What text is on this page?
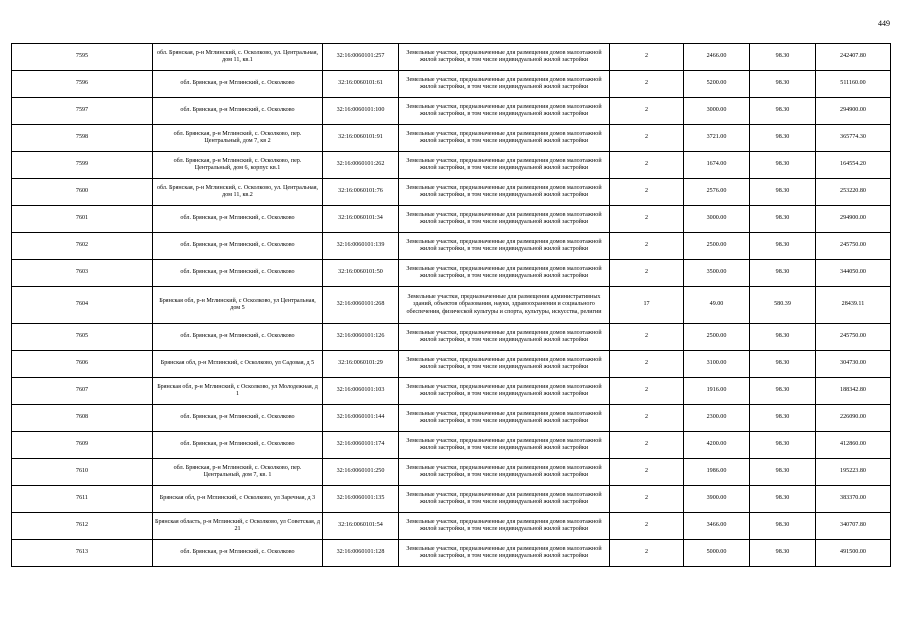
449
7595	обл. Брянская, р-н Мглинский, с. Осколково, ул. Центральная, дом 11, кв.1	32:16:0060101:257	Земельные участки, предназначенные для размещения домов малоэтажной жилой застройки, в том числе индивидуальной жилой застройки	2	2466.00	98.30	242407.80
7596	обл. Брянская, р-н Мглинский, с. Осколково	32:16:0060101:61	Земельные участки, предназначенные для размещения домов малоэтажной жилой застройки, в том числе индивидуальной жилой застройки	2	5200.00	98.30	511160.00
7597	обл. Брянская, р-н Мглинский, с. Осколково	32:16:0060101:100	Земельные участки, предназначенные для размещения домов малоэтажной жилой застройки, в том числе индивидуальной жилой застройки	2	3000.00	98.30	294900.00
7598	обл. Брянская, р-н Мглинский, с. Осколково, пер. Центральный, дом 7, кв 2	32:16:0060101:91	Земельные участки, предназначенные для размещения домов малоэтажной жилой застройки, в том числе индивидуальной жилой застройки	2	3721.00	98.30	365774.30
7599	обл. Брянская, р-н Мглинский, с. Осколково, пер. Центральный, дом 6, корпус кв.1	32:16:0060101:262	Земельные участки, предназначенные для размещения домов малоэтажной жилой застройки, в том числе индивидуальной жилой застройки	2	1674.00	98.30	164554.20
7600	обл. Брянская, р-н Мглинский, с. Осколково, ул. Центральная, дом 11, кв.2	32:16:0060101:76	Земельные участки, предназначенные для размещения домов малоэтажной жилой застройки, в том числе индивидуальной жилой застройки	2	2576.00	98.30	253220.80
7601	обл. Брянская, р-н Мглинский, с. Осколково	32:16:0060101:34	Земельные участки, предназначенные для размещения домов малоэтажной жилой застройки, в том числе индивидуальной жилой застройки	2	3000.00	98.30	294900.00
7602	обл. Брянская, р-н Мглинский, с. Осколково	32:16:0060101:139	Земельные участки, предназначенные для размещения домов малоэтажной жилой застройки, в том числе индивидуальной жилой застройки	2	2500.00	98.30	245750.00
7603	обл. Брянская, р-н Мглинский, с. Осколково	32:16:0060101:50	Земельные участки, предназначенные для размещения домов малоэтажной жилой застройки, в том числе индивидуальной жилой застройки	2	3500.00	98.30	344050.00
7604	Брянская обл, р-н Мглинский, с Осколково, ул Центральная, дом 5	32:16:0060101:268	Земельные участки, предназначенные для размещения административных зданий, объектов образования, науки, здравоохранения и социального обеспечения, физической культуры и спорта, культуры, искусства, религии	17	49.00	580.39	28439.11
7605	обл. Брянская, р-н Мглинский, с. Осколково	32:16:0060101:126	Земельные участки, предназначенные для размещения домов малоэтажной жилой застройки, в том числе индивидуальной жилой застройки	2	2500.00	98.30	245750.00
7606	Брянская обл, р-н Мглинский, с Осколково, ул Садовая, д 5	32:16:0060101:29	Земельные участки, предназначенные для размещения домов малоэтажной жилой застройки, в том числе индивидуальной жилой застройки	2	3100.00	98.30	304730.00
7607	Брянская обл, р-н Мглинский, с Осколково, ул Молодежная, д 1	32:16:0060101:103	Земельные участки, предназначенные для размещения домов малоэтажной жилой застройки, в том числе индивидуальной жилой застройки	2	1916.00	98.30	188342.80
7608	обл. Брянская, р-н Мглинский, с. Осколково	32:16:0060101:144	Земельные участки, предназначенные для размещения домов малоэтажной жилой застройки, в том числе индивидуальной жилой застройки	2	2300.00	98.30	226090.00
7609	обл. Брянская, р-н Мглинский, с. Осколково	32:16:0060101:174	Земельные участки, предназначенные для размещения домов малоэтажной жилой застройки, в том числе индивидуальной жилой застройки	2	4200.00	98.30	412860.00
7610	обл. Брянская, р-н Мглинский, с. Осколково, пер. Центральный, дом 7, кв. 1	32:16:0060101:250	Земельные участки, предназначенные для размещения домов малоэтажной жилой застройки, в том числе индивидуальной жилой застройки	2	1986.00	98.30	195223.80
7611	Брянская обл, р-н Мглинский, с Осколково, ул Заречная, д 3	32:16:0060101:135	Земельные участки, предназначенные для размещения домов малоэтажной жилой застройки, в том числе индивидуальной жилой застройки	2	3900.00	98.30	383370.00
7612	Брянская область, р-н Мглинский, с Осколково, ул Советская, д 21	32:16:0060101:54	Земельные участки, предназначенные для размещения домов малоэтажной жилой застройки, в том числе индивидуальной жилой застройки	2	3466.00	98.30	340707.80
7613	обл. Брянская, р-н Мглинский, с. Осколково	32:16:0060101:128	Земельные участки, предназначенные для размещения домов малоэтажной жилой застройки, в том числе индивидуальной жилой застройки	2	5000.00	98.30	491500.00
